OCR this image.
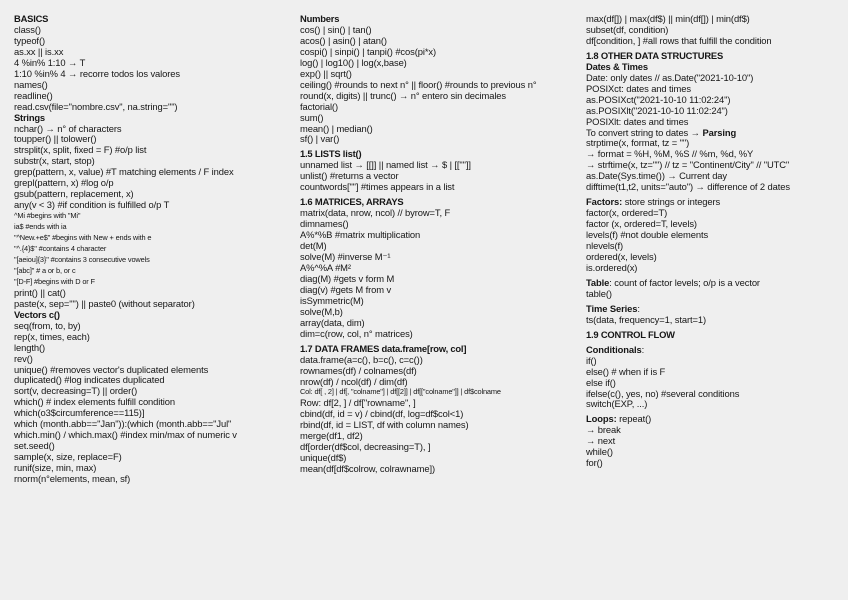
BASICS
class()
typeof()
as.xx || is.xx
4 %in% 1:10 → T
1:10 %in% 4 → recorre todos los valores
names()
readline()
read.csv(file="nombre.csv", na.string="")
Strings
nchar() → n° of characters
toupper() || tolower()
strsplit(x, split, fixed = F) #o/p list
substr(x, start, stop)
grep(pattern, x, value) #T matching elements / F index
grepl(pattern, x) #log o/p
gsub(pattern, replacement, x)
any(v < 3) #if condition is fulfilled o/p T
^Mi #begins with "Mi"
ia$ #ends with ia
"^New.+e$" #begins with New + ends with e
"^.{4}$" #contains 4 character
"[aeiou]{3}" #contains 3 consecutive vowels
"[abc]" # a or b, or c
"[D-F] #begins with D or F
print() || cat()
paste(x, sep="") || paste0 (without separator)
Vectors c()
seq(from, to, by)
rep(x, times, each)
length()
rev()
unique() #removes vector's duplicated elements
duplicated() #log indicates duplicated
sort(v, decreasing=T) || order()
which() # index elements fulfill condition
which(o3$circumference==115)]
which (month.abb=="Jan")):(which (month.abb=="Jul"
which.min() / which.max() #index min/max of numeric v
set.seed()
sample(x, size, replace=F)
runif(size, min, max)
rnorm(n°elements, mean, sf)
Numbers
cos() | sin() | tan()
acos() | asin() | atan()
cospi() | sinpi() | tanpi() #cos(pi*x)
log() | log10() | log(x,base)
exp() || sqrt()
ceiling() #rounds to next n° || floor() #rounds to previous n°
round(x, digits) || trunc() → n° entero sin decimales
factorial()
sum()
mean() | median()
sf() | var()
1.5 LISTS list()
unnamed list → [[]] || named list → $ | [[""]]
unlist() #returns a vector
countwords[""] #times appears in a list
1.6 MATRICES, ARRAYS
matrix(data, nrow, ncol) // byrow=T, F
dimnames()
A%*%B #matrix multiplication
det(M)
solve(M) #inverse M⁻¹
A%^%A #M²
diag(M) #gets v form M
diag(v) #gets M from v
isSymmetric(M)
solve(M,b)
array(data, dim)
dim=c(row, col, n° matrices)
1.7 DATA FRAMES data.frame[row, col]
data.frame(a=c(), b=c(), c=c())
rownames(df) / colnames(df)
nrow(df) / ncol(df) / dim(df)
Col: df[ , 2] | df[, "colname"] | df[[2]] | df[["colname"]] | df$colname
Row: df[2, ] / df["rowname", ]
cbind(df, id = v) / cbind(df, log=df$col<1)
rbind(df, id = LIST, df with column names)
merge(df1, df2)
df[order(df$col, decreasing=T), ]
unique(df$)
mean(df[df$colrow, colrawname])
max(df[]) | max(df$) || min(df[]) | min(df$)
subset(df, condition)
df[condition, ] #all rows that fulfill the condition
1.8 OTHER DATA STRUCTURES
Dates & Times
Date: only dates // as.Date("2021-10-10")
POSIXct: dates and times
as.POSIXct("2021-10-10 11:02:24")
as.POSIXlt("2021-10-10 11:02:24")
POSIXlt: dates and times
To convert string to dates → Parsing
strptime(x, format, tz = "")
→ format = %H, %M, %S // %m, %d, %Y
→ strftime(x, tz="") // tz = "Continent/City" // "UTC"
as.Date(Sys.time()) → Current day
difftime(t1,t2, units="auto") → difference of 2 dates
Factors: store strings or integers
factor(x, ordered=T)
factor (x, ordered=T, levels)
levels(f) #not double elements
nlevels(f)
ordered(x, levels)
is.ordered(x)
Table: count of factor levels; o/p is a vector
table()
Time Series:
ts(data, frequency=1, start=1)
1.9 CONTROL FLOW
Conditionals:
if()
else() # when if is F
else if()
ifelse(c(), yes, no) #several conditions
switch(EXP, ...)
Loops: repeat()
→ break
→ next
while()
for()
